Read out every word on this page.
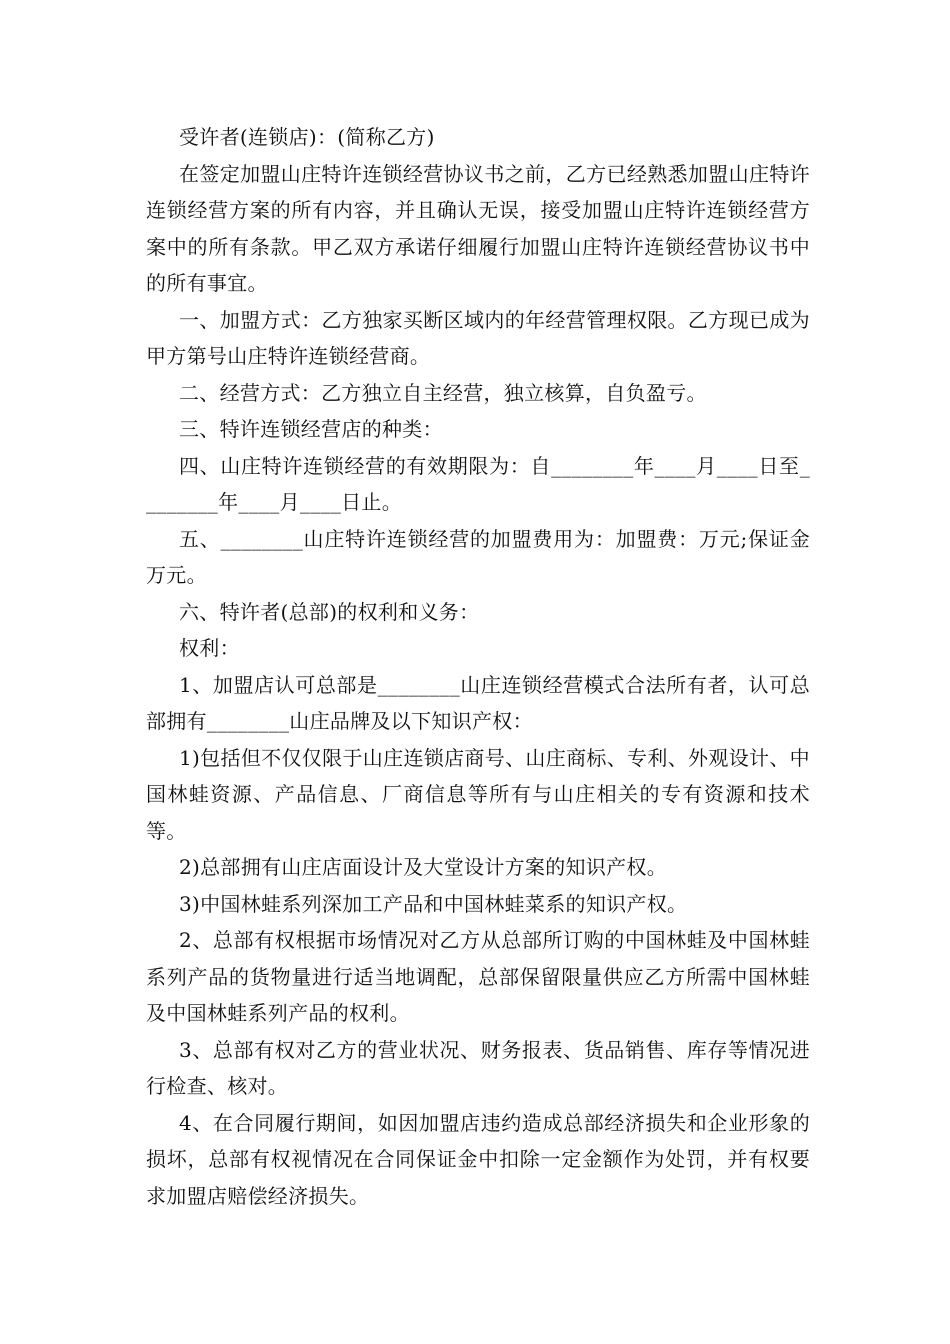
受许者(连锁店)：(简称乙方)

在签定加盟山庄特许连锁经营协议书之前，乙方已经熟悉加盟山庄特许连锁经营方案的所有内容，并且确认无误，接受加盟山庄特许连锁经营方案中的所有条款。甲乙双方承诺仔细履行加盟山庄特许连锁经营协议书中的所有事宜。

一、加盟方式：乙方独家买断区域内的年经营管理权限。乙方现已成为甲方第号山庄特许连锁经营商。

二、经营方式：乙方独立自主经营，独立核算，自负盈亏。

三、特许连锁经营店的种类：

四、山庄特许连锁经营的有效期限为：自________年____月____日至________年____月____日止。

五、________山庄特许连锁经营的加盟费用为：加盟费：万元;保证金万元。

六、特许者(总部)的权利和义务：

权利：

1、加盟店认可总部是________山庄连锁经营模式合法所有者，认可总部拥有________山庄品牌及以下知识产权：

1)包括但不仅仅限于山庄连锁店商号、山庄商标、专利、外观设计、中国林蛙资源、产品信息、厂商信息等所有与山庄相关的专有资源和技术等。

2)总部拥有山庄店面设计及大堂设计方案的知识产权。

3)中国林蛙系列深加工产品和中国林蛙菜系的知识产权。

2、总部有权根据市场情况对乙方从总部所订购的中国林蛙及中国林蛙系列产品的货物量进行适当地调配，总部保留限量供应乙方所需中国林蛙及中国林蛙系列产品的权利。

3、总部有权对乙方的营业状况、财务报表、货品销售、库存等情况进行检查、核对。

4、在合同履行期间，如因加盟店违约造成总部经济损失和企业形象的损坏，总部有权视情况在合同保证金中扣除一定金额作为处罚，并有权要求加盟店赔偿经济损失。
